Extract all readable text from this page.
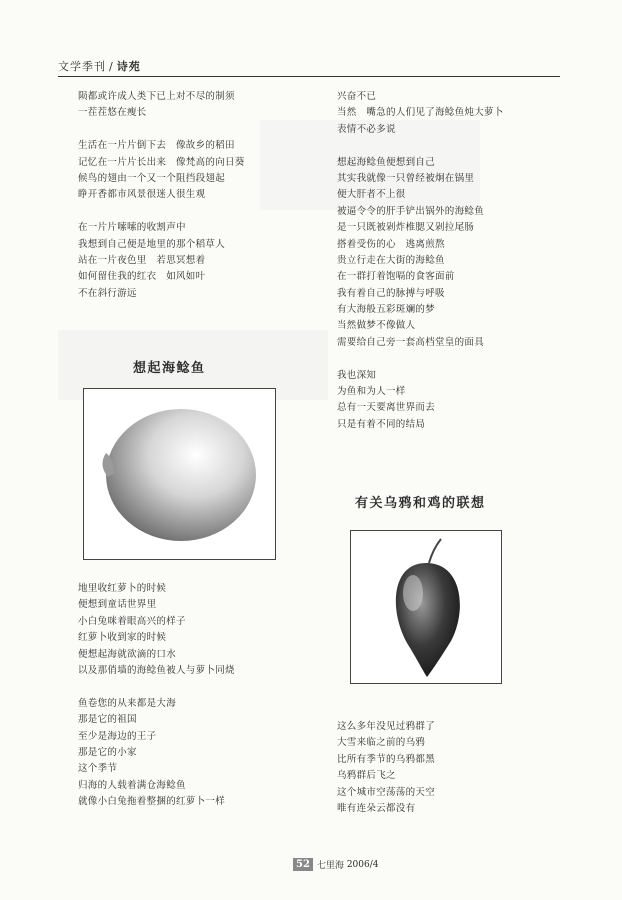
文学季刊 / 诗苑
陨都或许成人类下已上对不尽的制须
一茬茬悠在瘦长
生活在一片片倒下去　像故乡的稻田
记忆在一片片长出来　像梵高的向日葵
候鸟的翅由一个又一个阻挡段翅起
睁开香都市风景很迷人很生观
在一片片嗦嗦的收割声中
我想到自己便是地里的那个稻草人
站在一片夜色里　若思冥想着
如何留住我的红衣　如风如叶
不在斜行游远
想起海鲶鱼
地里收红萝卜的时候
便想到童话世界里
小白兔咪着眼高兴的样子
红萝卜收到家的时候
便想起海就欲滴的口水
以及那俏墙的海鲶鱼被人与萝卜同烧
鱼卷您的从来都是大海
那是它的祖国
至少是海边的王子
那是它的小家
这个季节
归海的人载着满仓海鲶鱼
就像小白兔拖着整捆的红萝卜一样
兴奋不已
当然　嘴急的人们见了海鲶鱼炖大萝卜
表情不必多说
想起海鲶鱼便想到自己
其实我就像一只曾经被炯在锅里
便大肝者不上很
被逼令令的肝手铲出锅外的海鲶鱼
是一只既被剁炸椎腮又剁拉尾肠
搭着受伤的心　逃离煎熬
贵立行走在大街的海鲶鱼
在一群打着饱嗝的食客面前
我有着自己的脉搏与呼吸
有大海般五彩斑斓的梦
当然做梦不像做人
需要给自己旁一套高档堂皇的面具
我也深知
为鱼和为人一样
总有一天要离世界而去
只是有着不同的结局
有关乌鸦和鸡的联想
这么多年没见过鸦群了
大雪来临之前的乌鸦
比所有季节的乌鸦都黑
乌鸦群后飞之
这个城市空荡荡的天空
唯有连朵云都没有
52 七里海
2006/4
